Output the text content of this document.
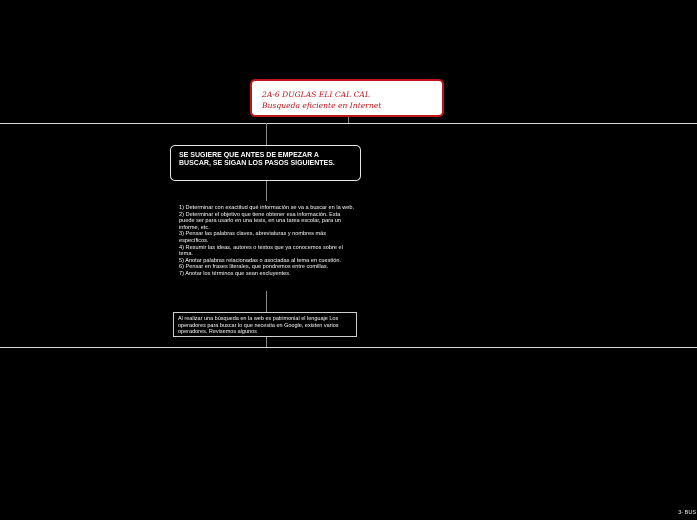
2A-6 DUGLAS ELI CAL CAL
Busqueda eficiente en Internet
SE SUGIERE QUE ANTES DE EMPEZAR A BUSCAR, SE SIGAN LOS PASOS SIGUIENTES.
1) Determinar con exactitud qué información se va a buscar en la web.
2) Determinar el objetivo que tiene obtener esa información. Esta puede ser para usarlo en una tesis, en una tarea escolar, para un informe, etc.
3) Pensar las palabras claves, abreviaturas y nombres más específicos.
4) Resumir las ideas, autores o textos que ya conocemos sobre el tema.
5) Anotar palabras relacionadas o asociadas al tema en cuestión.
6) Pensar en frases literales, que pondremos entre comillas.
7) Anotar los términos que sean excluyentes.
Al realizar una búsqueda en la web es patrimonial el lenguaje Los operadores para buscar lo que necesita en Google, existen varios operadores. Revisemos algunos
3- BUS
